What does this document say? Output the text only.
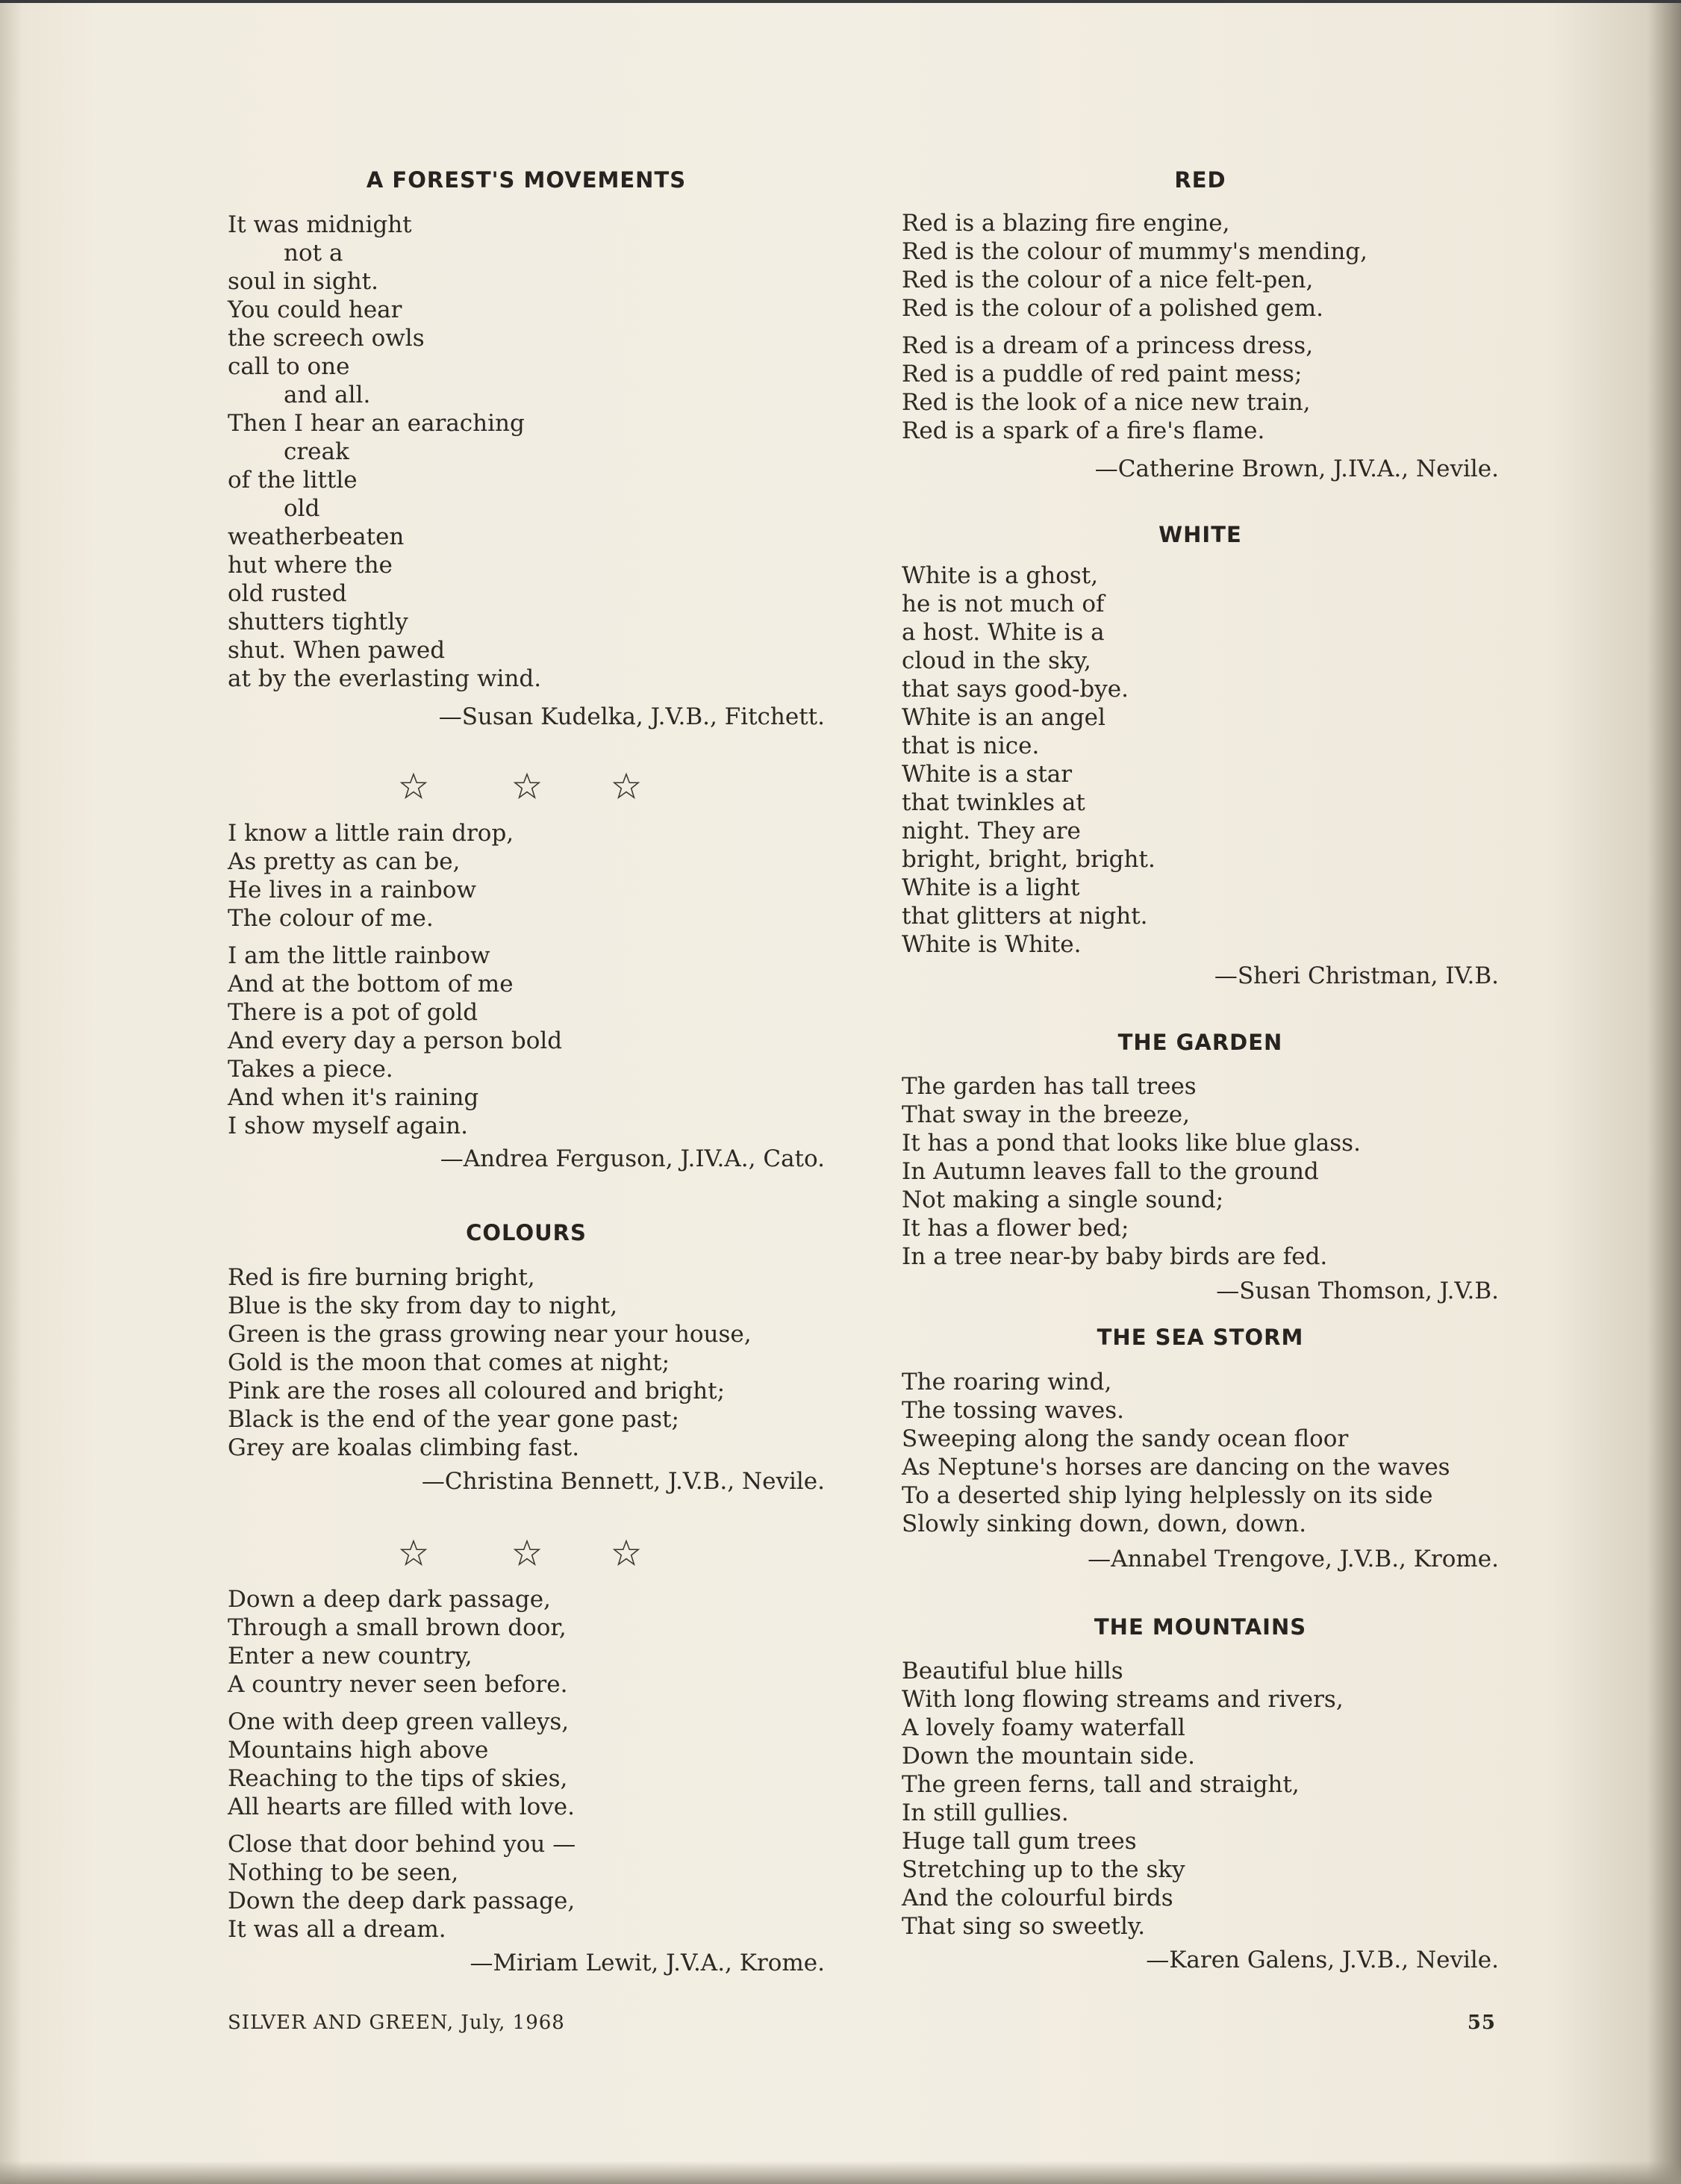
A FOREST'S MOVEMENTS
It was midnight
not a
soul in sight.
You could hear
the screech owls
call to one
and all.
Then I hear an earaching
creak
of the little
old
weatherbeaten
hut where the
old rusted
shutters tightly
shut. When pawed
at by the everlasting wind.
—Susan Kudelka, J.V.B., Fitchett.
I know a little rain drop,
As pretty as can be,
He lives in a rainbow
The colour of me.
I am the little rainbow
And at the bottom of me
There is a pot of gold
And every day a person bold
Takes a piece.
And when it's raining
I show myself again.
—Andrea Ferguson, J.IV.A., Cato.
COLOURS
Red is fire burning bright,
Blue is the sky from day to night,
Green is the grass growing near your house,
Gold is the moon that comes at night;
Pink are the roses all coloured and bright;
Black is the end of the year gone past;
Grey are koalas climbing fast.
—Christina Bennett, J.V.B., Nevile.
Down a deep dark passage,
Through a small brown door,
Enter a new country,
A country never seen before.
One with deep green valleys,
Mountains high above
Reaching to the tips of skies,
All hearts are filled with love.
Close that door behind you —
Nothing to be seen,
Down the deep dark passage,
It was all a dream.
—Miriam Lewit, J.V.A., Krome.
RED
Red is a blazing fire engine,
Red is the colour of mummy's mending,
Red is the colour of a nice felt-pen,
Red is the colour of a polished gem.
Red is a dream of a princess dress,
Red is a puddle of red paint mess;
Red is the look of a nice new train,
Red is a spark of a fire's flame.
—Catherine Brown, J.IV.A., Nevile.
WHITE
White is a ghost,
he is not much of
a host. White is a
cloud in the sky,
that says good-bye.
White is an angel
that is nice.
White is a star
that twinkles at
night. They are
bright, bright, bright.
White is a light
that glitters at night.
White is White.
—Sheri Christman, IV.B.
THE GARDEN
The garden has tall trees
That sway in the breeze,
It has a pond that looks like blue glass.
In Autumn leaves fall to the ground
Not making a single sound;
It has a flower bed;
In a tree near-by baby birds are fed.
—Susan Thomson, J.V.B.
THE SEA STORM
The roaring wind,
The tossing waves.
Sweeping along the sandy ocean floor
As Neptune's horses are dancing on the waves
To a deserted ship lying helplessly on its side
Slowly sinking down, down, down.
—Annabel Trengove, J.V.B., Krome.
THE MOUNTAINS
Beautiful blue hills
With long flowing streams and rivers,
A lovely foamy waterfall
Down the mountain side.
The green ferns, tall and straight,
In still gullies.
Huge tall gum trees
Stretching up to the sky
And the colourful birds
That sing so sweetly.
—Karen Galens, J.V.B., Nevile.

SILVER AND GREEN, July, 1968	55
